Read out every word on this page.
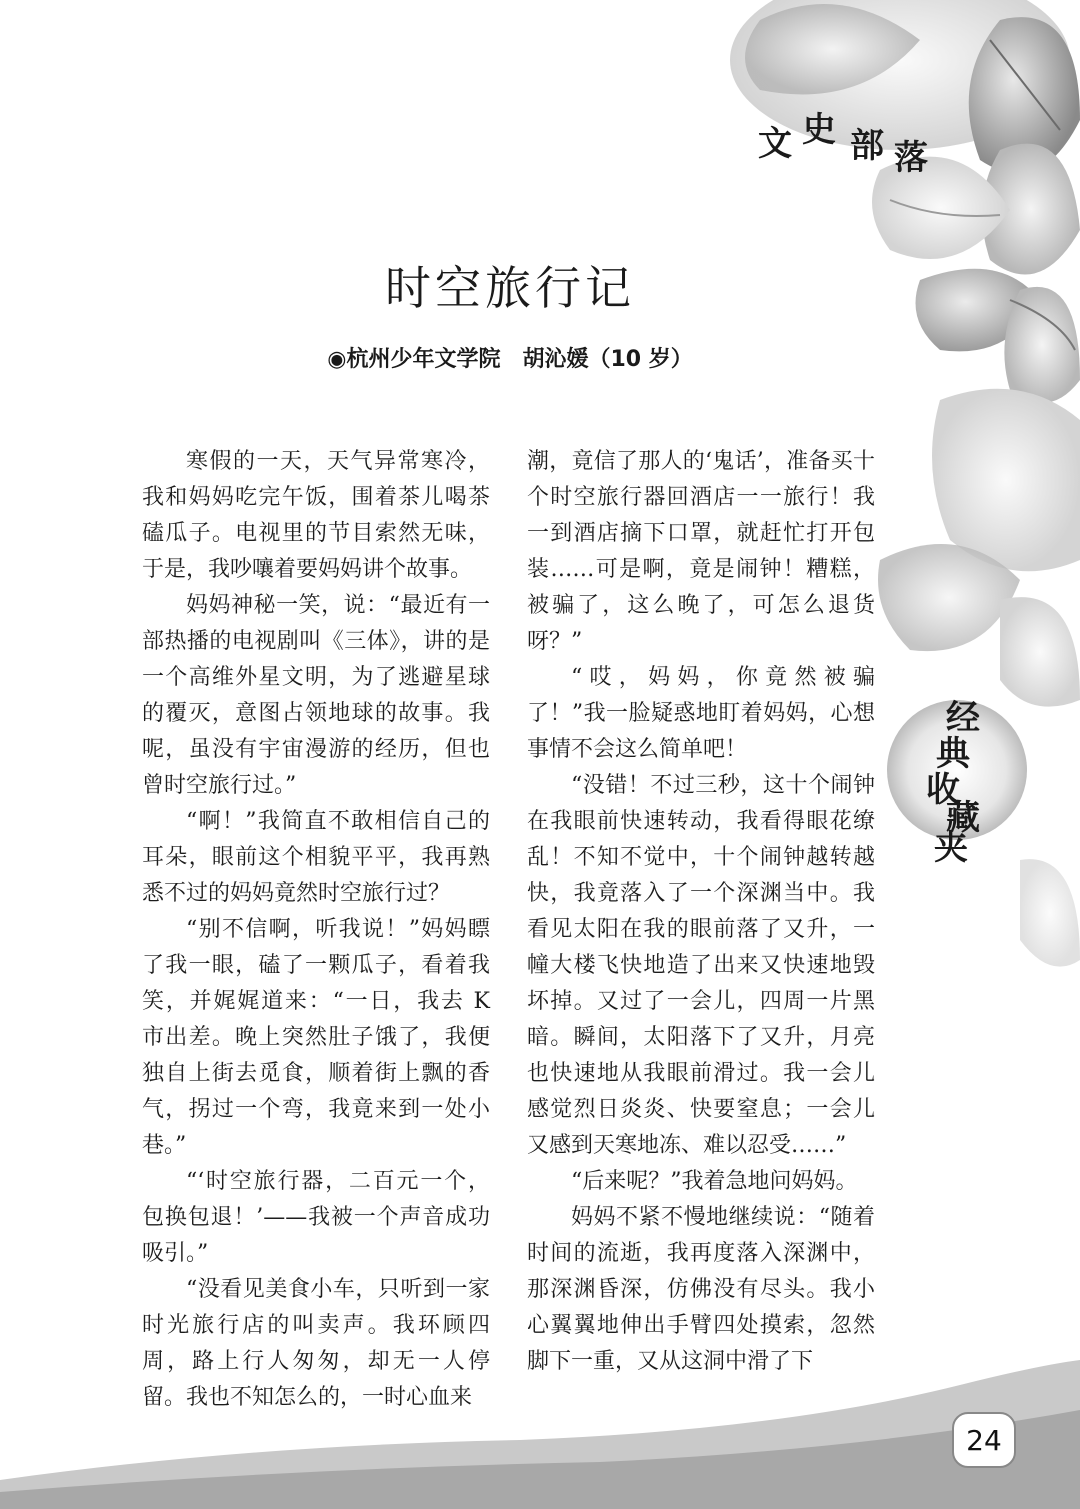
文 史 部 落
时空旅行记
◉杭州少年文学院　胡沁媛（10 岁）

寒假的一天，天气异常寒冷，我和妈妈吃完午饭，围着茶儿喝茶磕瓜子。电视里的节目索然无味，于是，我吵嚷着要妈妈讲个故事。

妈妈神秘一笑，说：“最近有一部热播的电视剧叫《三体》，讲的是一个高维外星文明，为了逃避星球的覆灭，意图占领地球的故事。我呢，虽没有宇宙漫游的经历，但也曾时空旅行过。”

“啊！”我简直不敢相信自己的耳朵，眼前这个相貌平平，我再熟悉不过的妈妈竟然时空旅行过？

“别不信啊，听我说！”妈妈瞟了我一眼，磕了一颗瓜子，看着我笑，并娓娓道来：“一日，我去 K 市出差。晚上突然肚子饿了，我便独自上街去觅食，顺着街上飘的香气，拐过一个弯，我竟来到一处小巷。”

“‘时空旅行器，二百元一个，包换包退！’——我被一个声音成功吸引。”

“没看见美食小车，只听到一家时光旅行店的叫卖声。我环顾四周，路上行人匆匆，却无一人停留。我也不知怎么的，一时心血来

潮，竟信了那人的‘鬼话’，准备买十个时空旅行器回酒店一一旅行！我一到酒店摘下口罩，就赶忙打开包装……可是啊，竟是闹钟！糟糕，被骗了，这么晚了，可怎么退货呀？”

“哎，妈妈，你竟然被骗了！”我一脸疑惑地盯着妈妈，心想事情不会这么简单吧！

“没错！不过三秒，这十个闹钟在我眼前快速转动，我看得眼花缭乱！不知不觉中，十个闹钟越转越快，我竟落入了一个深渊当中。我看见太阳在我的眼前落了又升，一幢大楼飞快地造了出来又快速地毁坏掉。又过了一会儿，四周一片黑暗。瞬间，太阳落下了又升，月亮也快速地从我眼前滑过。我一会儿感觉烈日炎炎、快要窒息；一会儿又感到天寒地冻、难以忍受……”

“后来呢？”我着急地问妈妈。

妈妈不紧不慢地继续说：“随着时间的流逝，我再度落入深渊中，那深渊昏深，仿佛没有尽头。我小心翼翼地伸出手臂四处摸索，忽然脚下一重，又从这洞中滑了下

经
典
收
藏
夹
24
